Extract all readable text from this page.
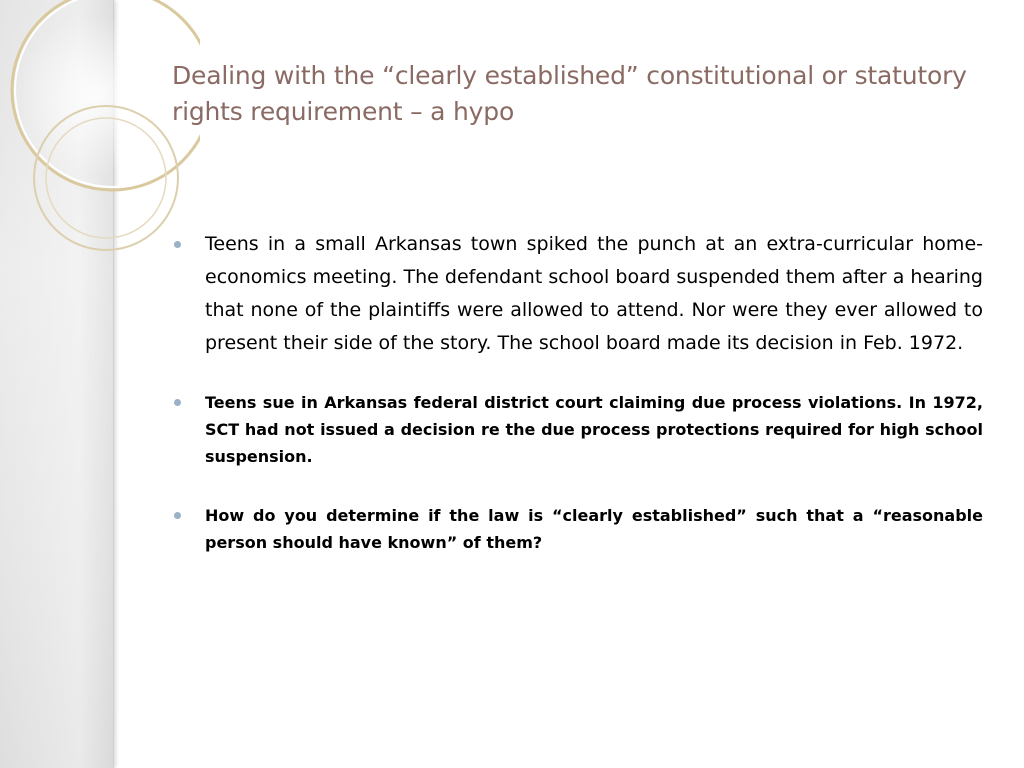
Dealing with the “clearly established” constitutional or statutory rights requirement – a hypo
Teens in a small Arkansas town spiked the punch at an extra-curricular home-economics meeting. The defendant school board suspended them after a hearing that none of the plaintiffs were allowed to attend. Nor were they ever allowed to present their side of the story. The school board made its decision in Feb. 1972.
Teens sue in Arkansas federal district court claiming due process violations. In 1972, SCT had not issued a decision re the due process protections required for high school suspension.
How do you determine if the law is “clearly established” such that a “reasonable person should have known” of them?
